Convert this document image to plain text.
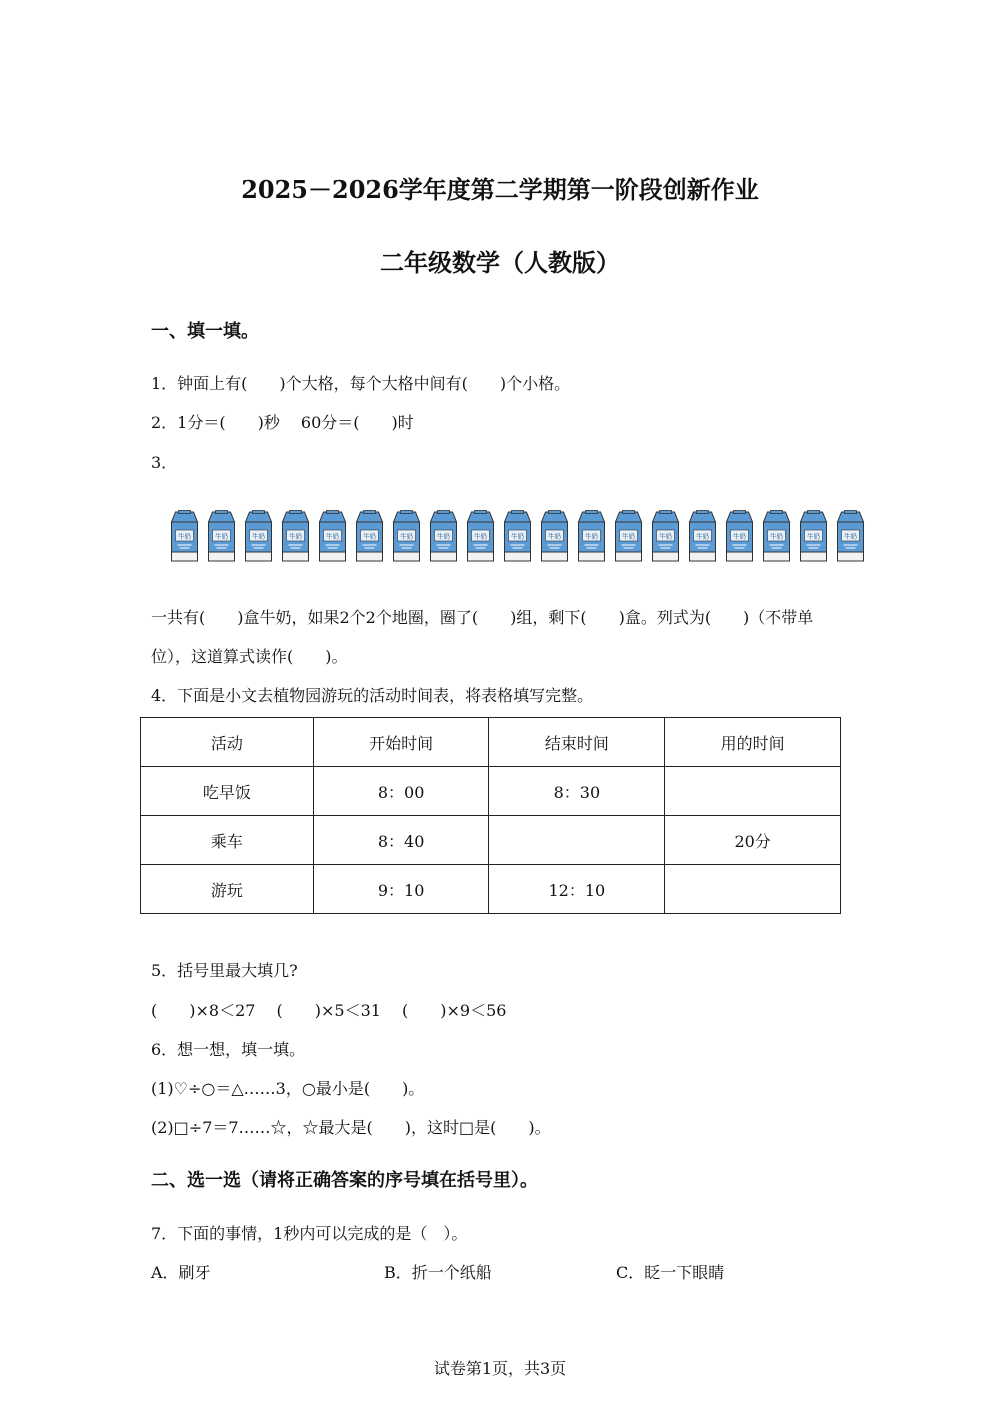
2025－2026学年度第二学期第一阶段创新作业
二年级数学（人教版）
一、填一填。
1．钟面上有(　　)个大格，每个大格中间有(　　)个小格。
2．1分＝(　　)秒　 60分＝(　　)时
3．
牛奶	牛奶	牛奶	牛奶	牛奶	牛奶	牛奶	牛奶	牛奶	牛奶	牛奶	牛奶	牛奶	牛奶	牛奶	牛奶	牛奶	牛奶	牛奶
一共有(　　)盒牛奶，如果2个2个地圈，圈了(　　)组，剩下(　　)盒。列式为(　　)（不带单
位），这道算式读作(　　)。
4．下面是小文去植物园游玩的活动时间表，将表格填写完整。
活动	开始时间	结束时间	用的时间
吃早饭	8：00	8：30	
乘车	8：40		20分
游玩	9：10	12：10	
5．括号里最大填几?
(　　)×8＜27　 (　　)×5＜31　 (　　)×9＜56
6．想一想，填一填。
(1)♡÷○＝△……3，○最小是(　　)。
(2)□÷7＝7……☆，☆最大是(　　)，这时□是(　　)。
二、选一选（请将正确答案的序号填在括号里）。
7．下面的事情，1秒内可以完成的是（　）。
A．刷牙	B．折一个纸船	C．眨一下眼睛
试卷第1页，共3页
